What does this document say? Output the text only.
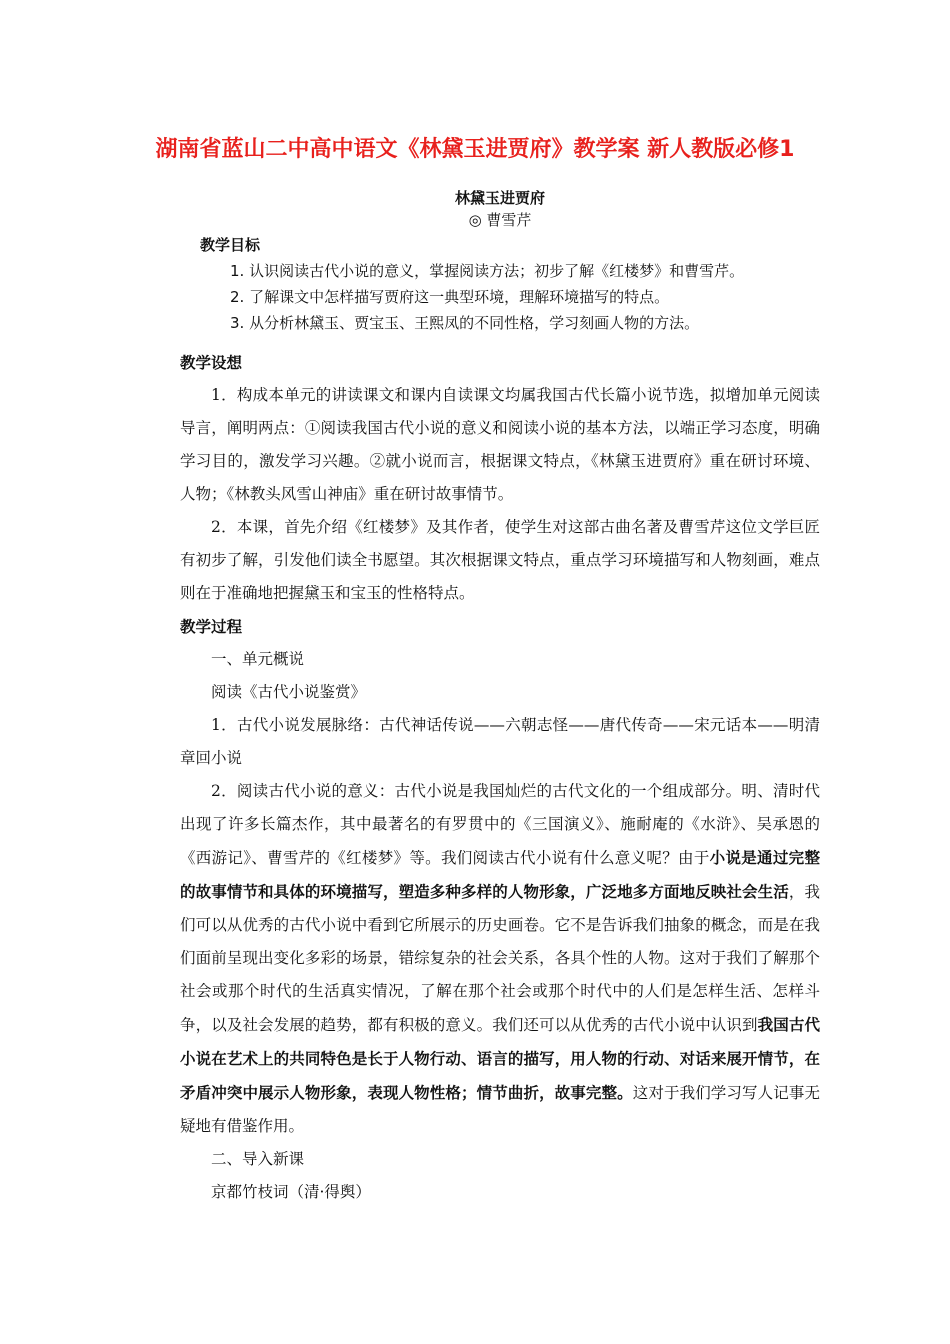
湖南省蓝山二中高中语文《林黛玉进贾府》教学案 新人教版必修1
林黛玉进贾府
◎ 曹雪芹
教学目标
1. 认识阅读古代小说的意义，掌握阅读方法；初步了解《红楼梦》和曹雪芹。
2. 了解课文中怎样描写贾府这一典型环境，理解环境描写的特点。
3. 从分析林黛玉、贾宝玉、王熙凤的不同性格，学习刻画人物的方法。

教学设想

1．构成本单元的讲读课文和课内自读课文均属我国古代长篇小说节选，拟增加单元阅读导言，阐明两点：①阅读我国古代小说的意义和阅读小说的基本方法，以端正学习态度，明确学习目的，激发学习兴趣。②就小说而言，根据课文特点，《林黛玉进贾府》重在研讨环境、人物；《林教头风雪山神庙》重在研讨故事情节。

2．本课，首先介绍《红楼梦》及其作者，使学生对这部古曲名著及曹雪芹这位文学巨匠有初步了解，引发他们读全书愿望。其次根据课文特点，重点学习环境描写和人物刻画，难点则在于准确地把握黛玉和宝玉的性格特点。

教学过程

一、单元概说

阅读《古代小说鉴赏》

1．古代小说发展脉络：古代神话传说——六朝志怪——唐代传奇——宋元话本——明清章回小说

2．阅读古代小说的意义：古代小说是我国灿烂的古代文化的一个组成部分。明、清时代出现了许多长篇杰作，其中最著名的有罗贯中的《三国演义》、施耐庵的《水浒》、吴承恩的《西游记》、曹雪芹的《红楼梦》等。我们阅读古代小说有什么意义呢？由于小说是通过完整的故事情节和具体的环境描写，塑造多种多样的人物形象，广泛地多方面地反映社会生活，我们可以从优秀的古代小说中看到它所展示的历史画卷。它不是告诉我们抽象的概念，而是在我们面前呈现出变化多彩的场景，错综复杂的社会关系，各具个性的人物。这对于我们了解那个社会或那个时代的生活真实情况，了解在那个社会或那个时代中的人们是怎样生活、怎样斗争，以及社会发展的趋势，都有积极的意义。我们还可以从优秀的古代小说中认识到我国古代小说在艺术上的共同特色是长于人物行动、语言的描写，用人物的行动、对话来展开情节，在矛盾冲突中展示人物形象，表现人物性格；情节曲折，故事完整。这对于我们学习写人记事无疑地有借鉴作用。

二、导入新课

京都竹枝词（清·得舆）
